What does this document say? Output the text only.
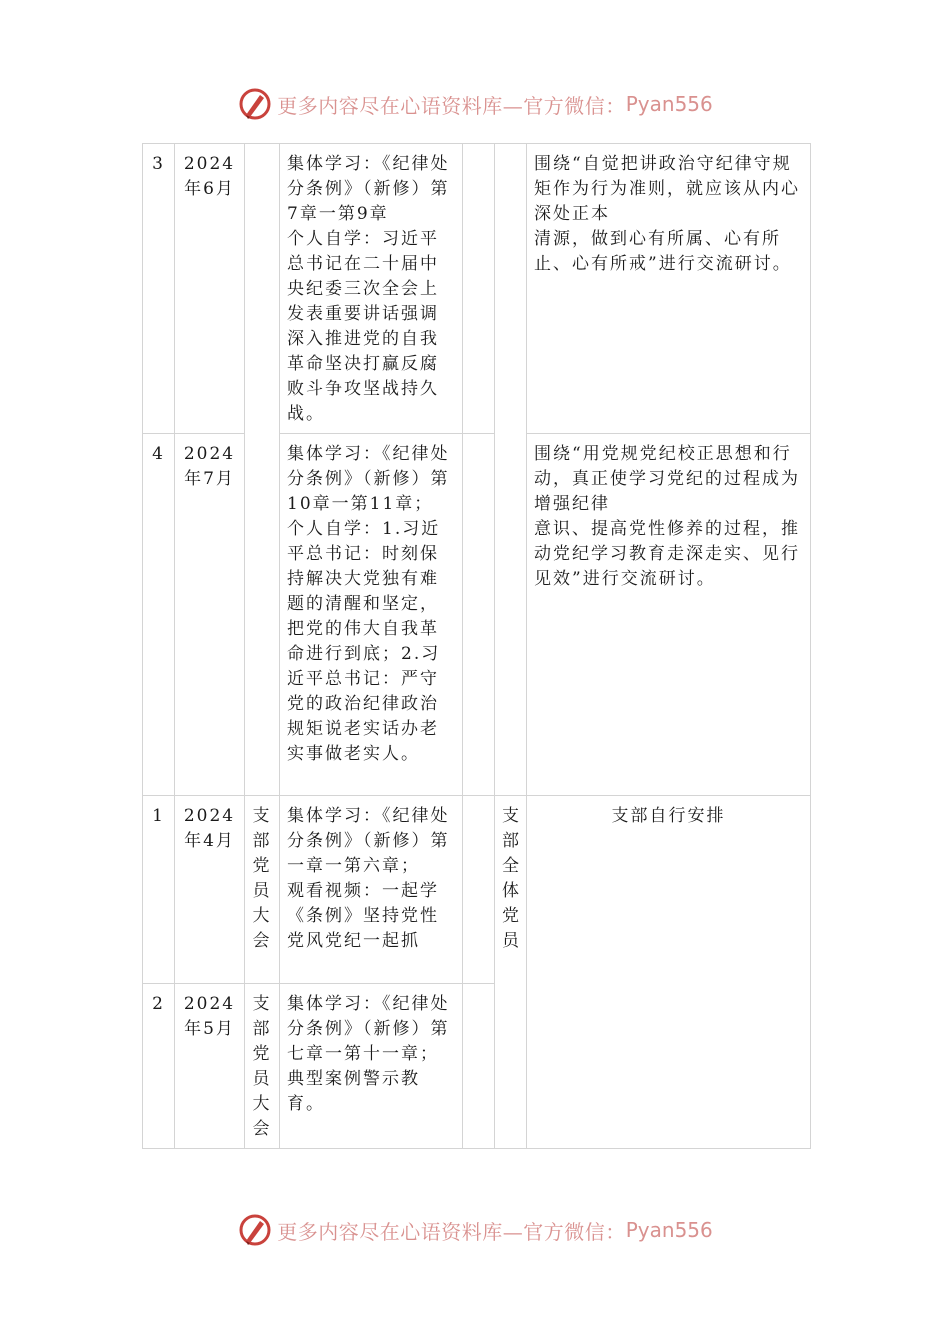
更多内容尽在心语资料库—官方微信： Pyan556
3	2024年6月		集体学习：《纪律处分条例》（新修）第7章一第9章
个人自学：习近平总书记在二十届中央纪委三次全会上发表重要讲话强调深入推进党的自我革命坚决打赢反腐败斗争攻坚战持久战。			围绕“自觉把讲政治守纪律守规矩作为行为准则，就应该从内心深处正本
清源，做到心有所属、心有所止、心有所戒”进行交流研讨。

4	2024年7月		集体学习：《纪律处分条例》（新修）第10章一第11章；
个人自学：1.习近平总书记：时刻保持解决大党独有难题的清醒和坚定，把党的伟大自我革命进行到底；2.习近平总书记：严守党的政治纪律政治规矩说老实话办老实事做老实人。			围绕“用党规党纪校正思想和行动，真正使学习党纪的过程成为增强纪律
意识、提高党性修养的过程，推动党纪学习教育走深走实、见行见效”进行交流研讨。

1	2024年4月	支部党员大会	集体学习：《纪律处分条例》（新修）第一章一第六章；
观看视频：一起学《条例》坚持党性党风党纪一起抓		支部全体党员	支部自行安排
2	2024年5月	支部党员大会	集体学习：《纪律处分条例》（新修）第七章一第十一章；
典型案例警示教育。			

更多内容尽在心语资料库—官方微信： Pyan556
